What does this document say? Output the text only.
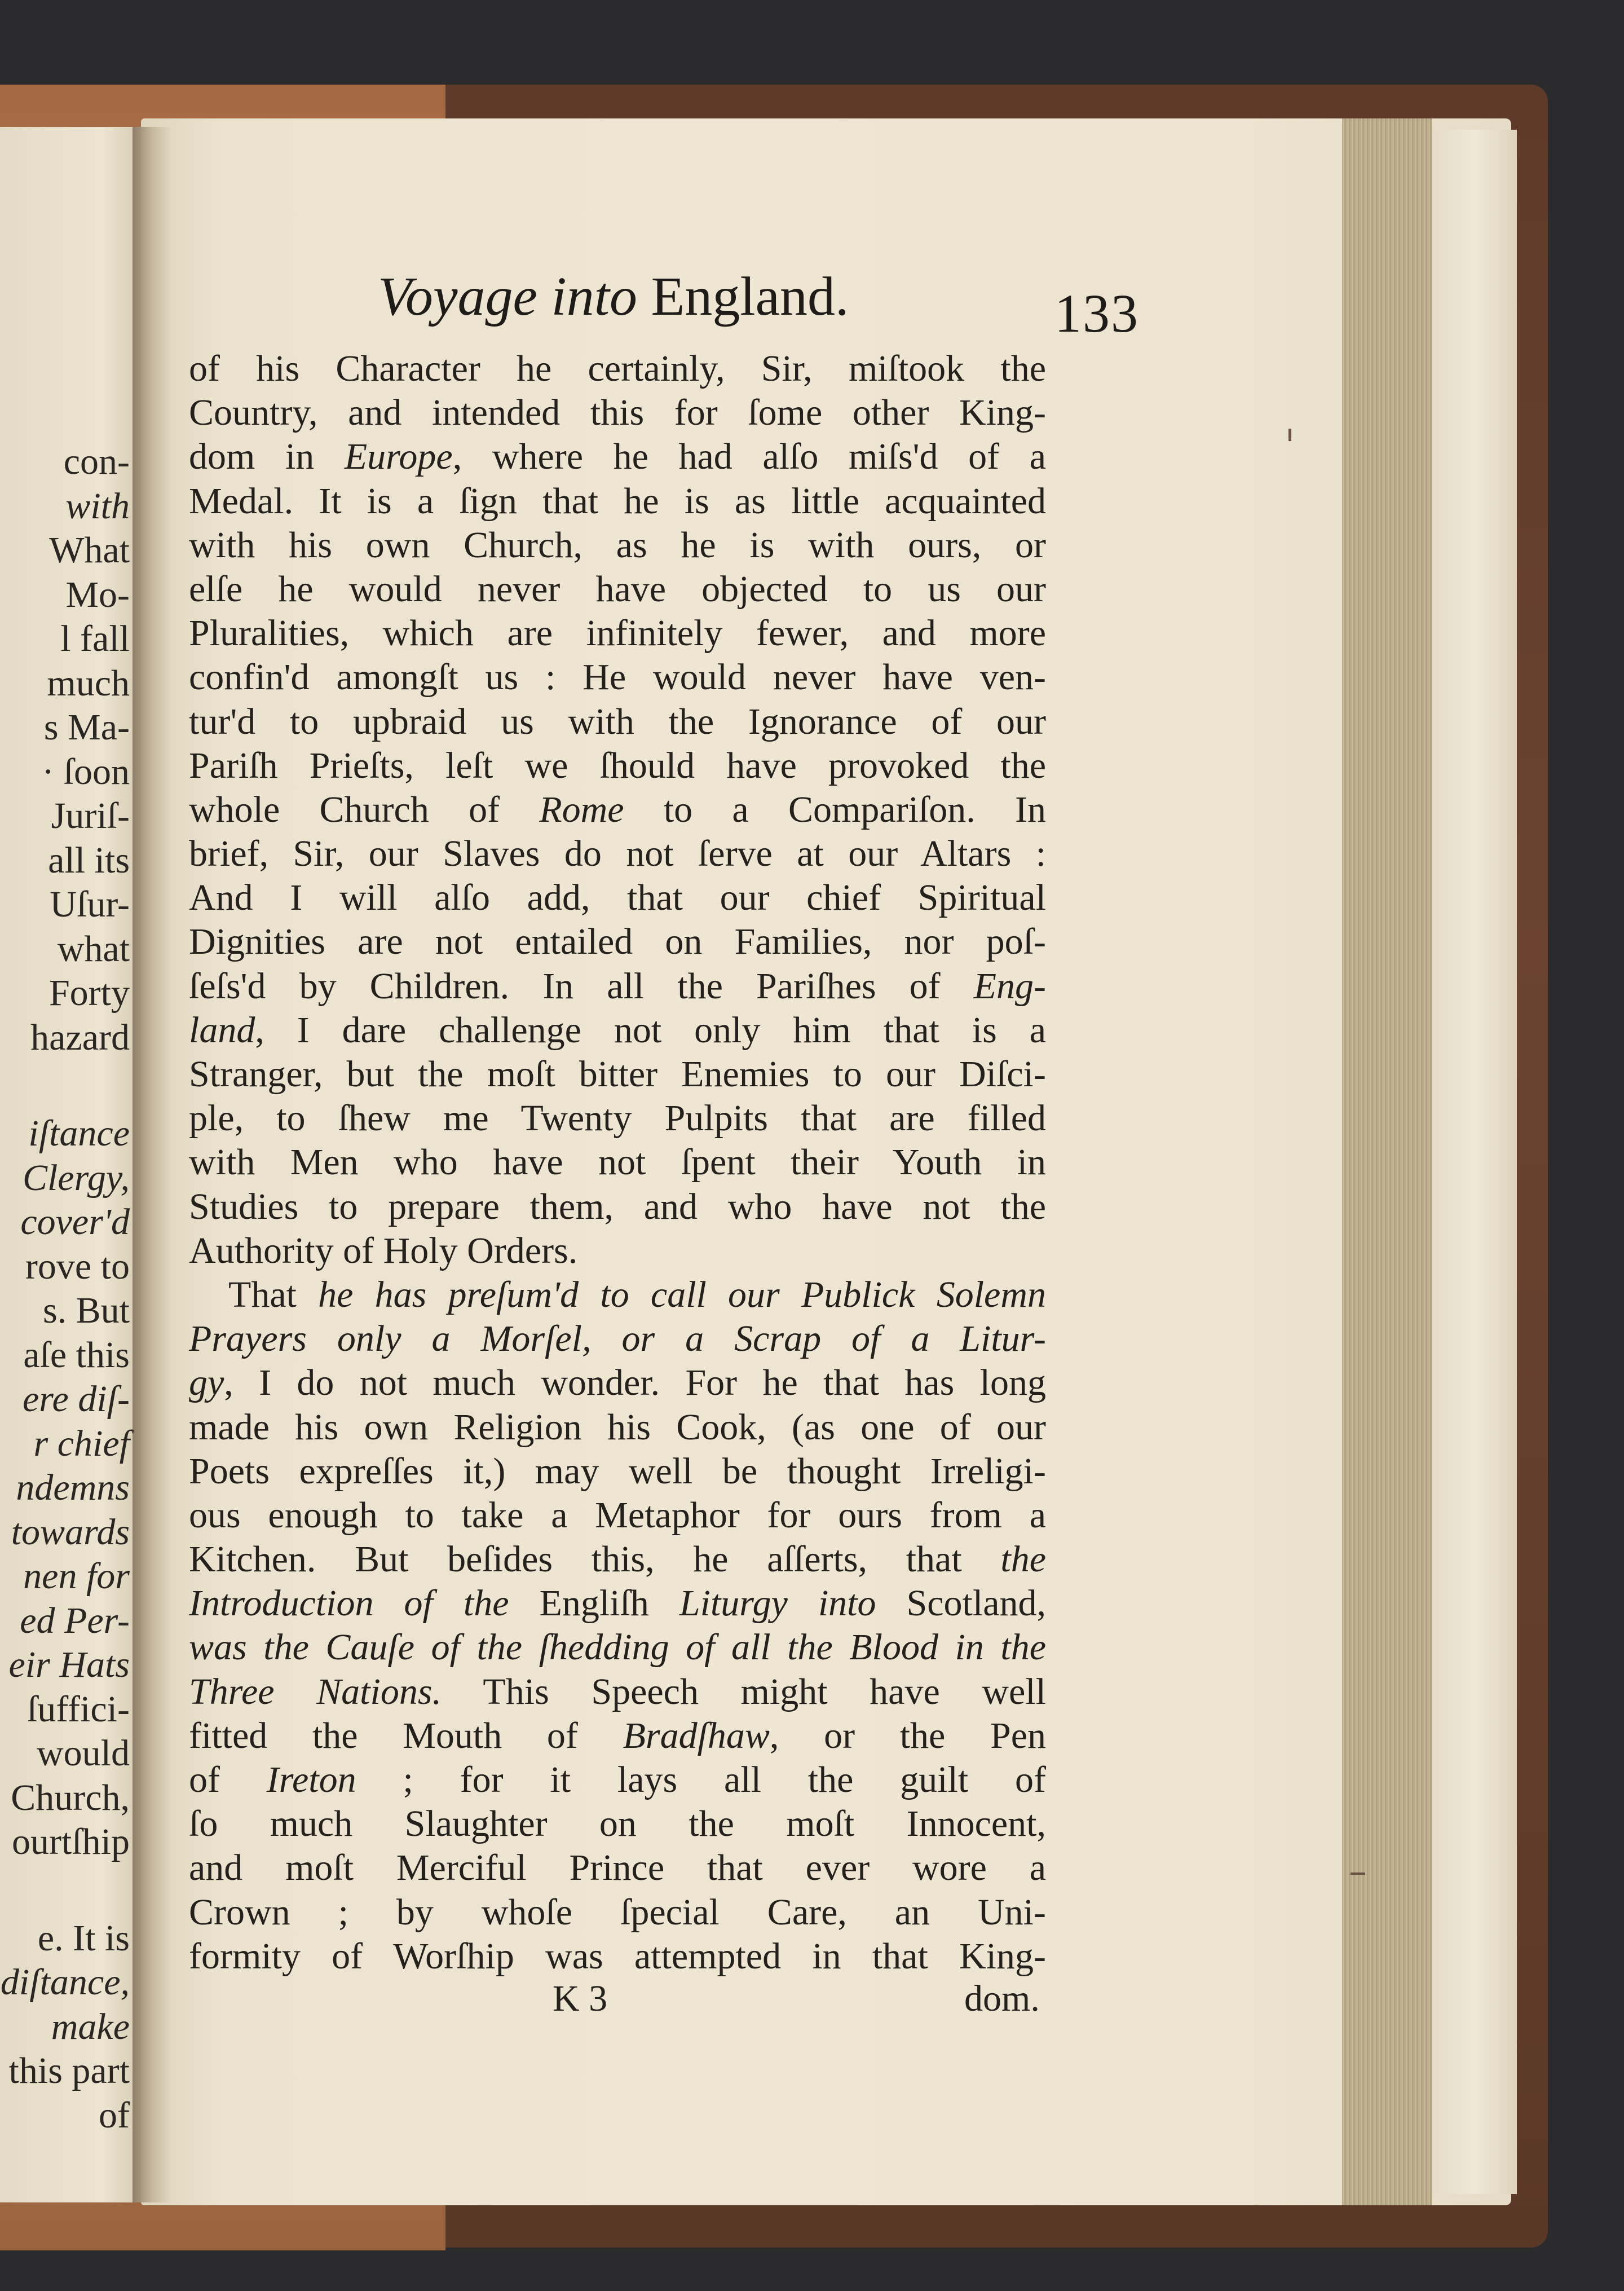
con-
with
What
Mo-
l fall
much
s Ma-
· ſoon
Juriſ-
all its
Uſur-
what
Forty
hazard
iſtance
Clergy,
cover'd
rove to
s. But
aſe this
ere diſ-
r chief
ndemns
towards
nen for
ed Per-
eir Hats
ſuffici-
would
Church,
ourtſhip
e. It is
diſtance,
make
this part
of
Voyage into England.	133
of his Character he certainly, Sir, miſtook the
Country, and intended this for ſome other King-
dom in Europe, where he had alſo miſs'd of a
Medal. It is a ſign that he is as little acquainted
with his own Church, as he is with ours, or
elſe he would never have objected to us our
Pluralities, which are infinitely fewer, and more
confin'd amongſt us : He would never have ven-
tur'd to upbraid us with the Ignorance of our
Pariſh Prieſts, leſt we ſhould have provoked the
whole Church of Rome to a Compariſon. In
brief, Sir, our Slaves do not ſerve at our Altars :
And I will alſo add, that our chief Spiritual
Dignities are not entailed on Families, nor poſ-
ſeſs'd by Children. In all the Pariſhes of Eng-
land, I dare challenge not only him that is a
Stranger, but the moſt bitter Enemies to our Diſci-
ple, to ſhew me Twenty Pulpits that are filled
with Men who have not ſpent their Youth in
Studies to prepare them, and who have not the
Authority of Holy Orders.
That he has preſum'd to call our Publick Solemn
Prayers only a Morſel, or a Scrap of a Litur-
gy, I do not much wonder. For he that has long
made his own Religion his Cook, (as one of our
Poets expreſſes it,) may well be thought Irreligi-
ous enough to take a Metaphor for ours from a
Kitchen. But beſides this, he aſſerts, that the
Introduction of the Engliſh Liturgy into Scotland,
was the Cauſe of the ſhedding of all the Blood in the
Three Nations. This Speech might have well
fitted the Mouth of Bradſhaw, or the Pen
of Ireton ; for it lays all the guilt of
ſo much Slaughter on the moſt Innocent,
and moſt Merciful Prince that ever wore a
Crown ; by whoſe ſpecial Care, an Uni-
formity of Worſhip was attempted in that King-
K 3	dom.
